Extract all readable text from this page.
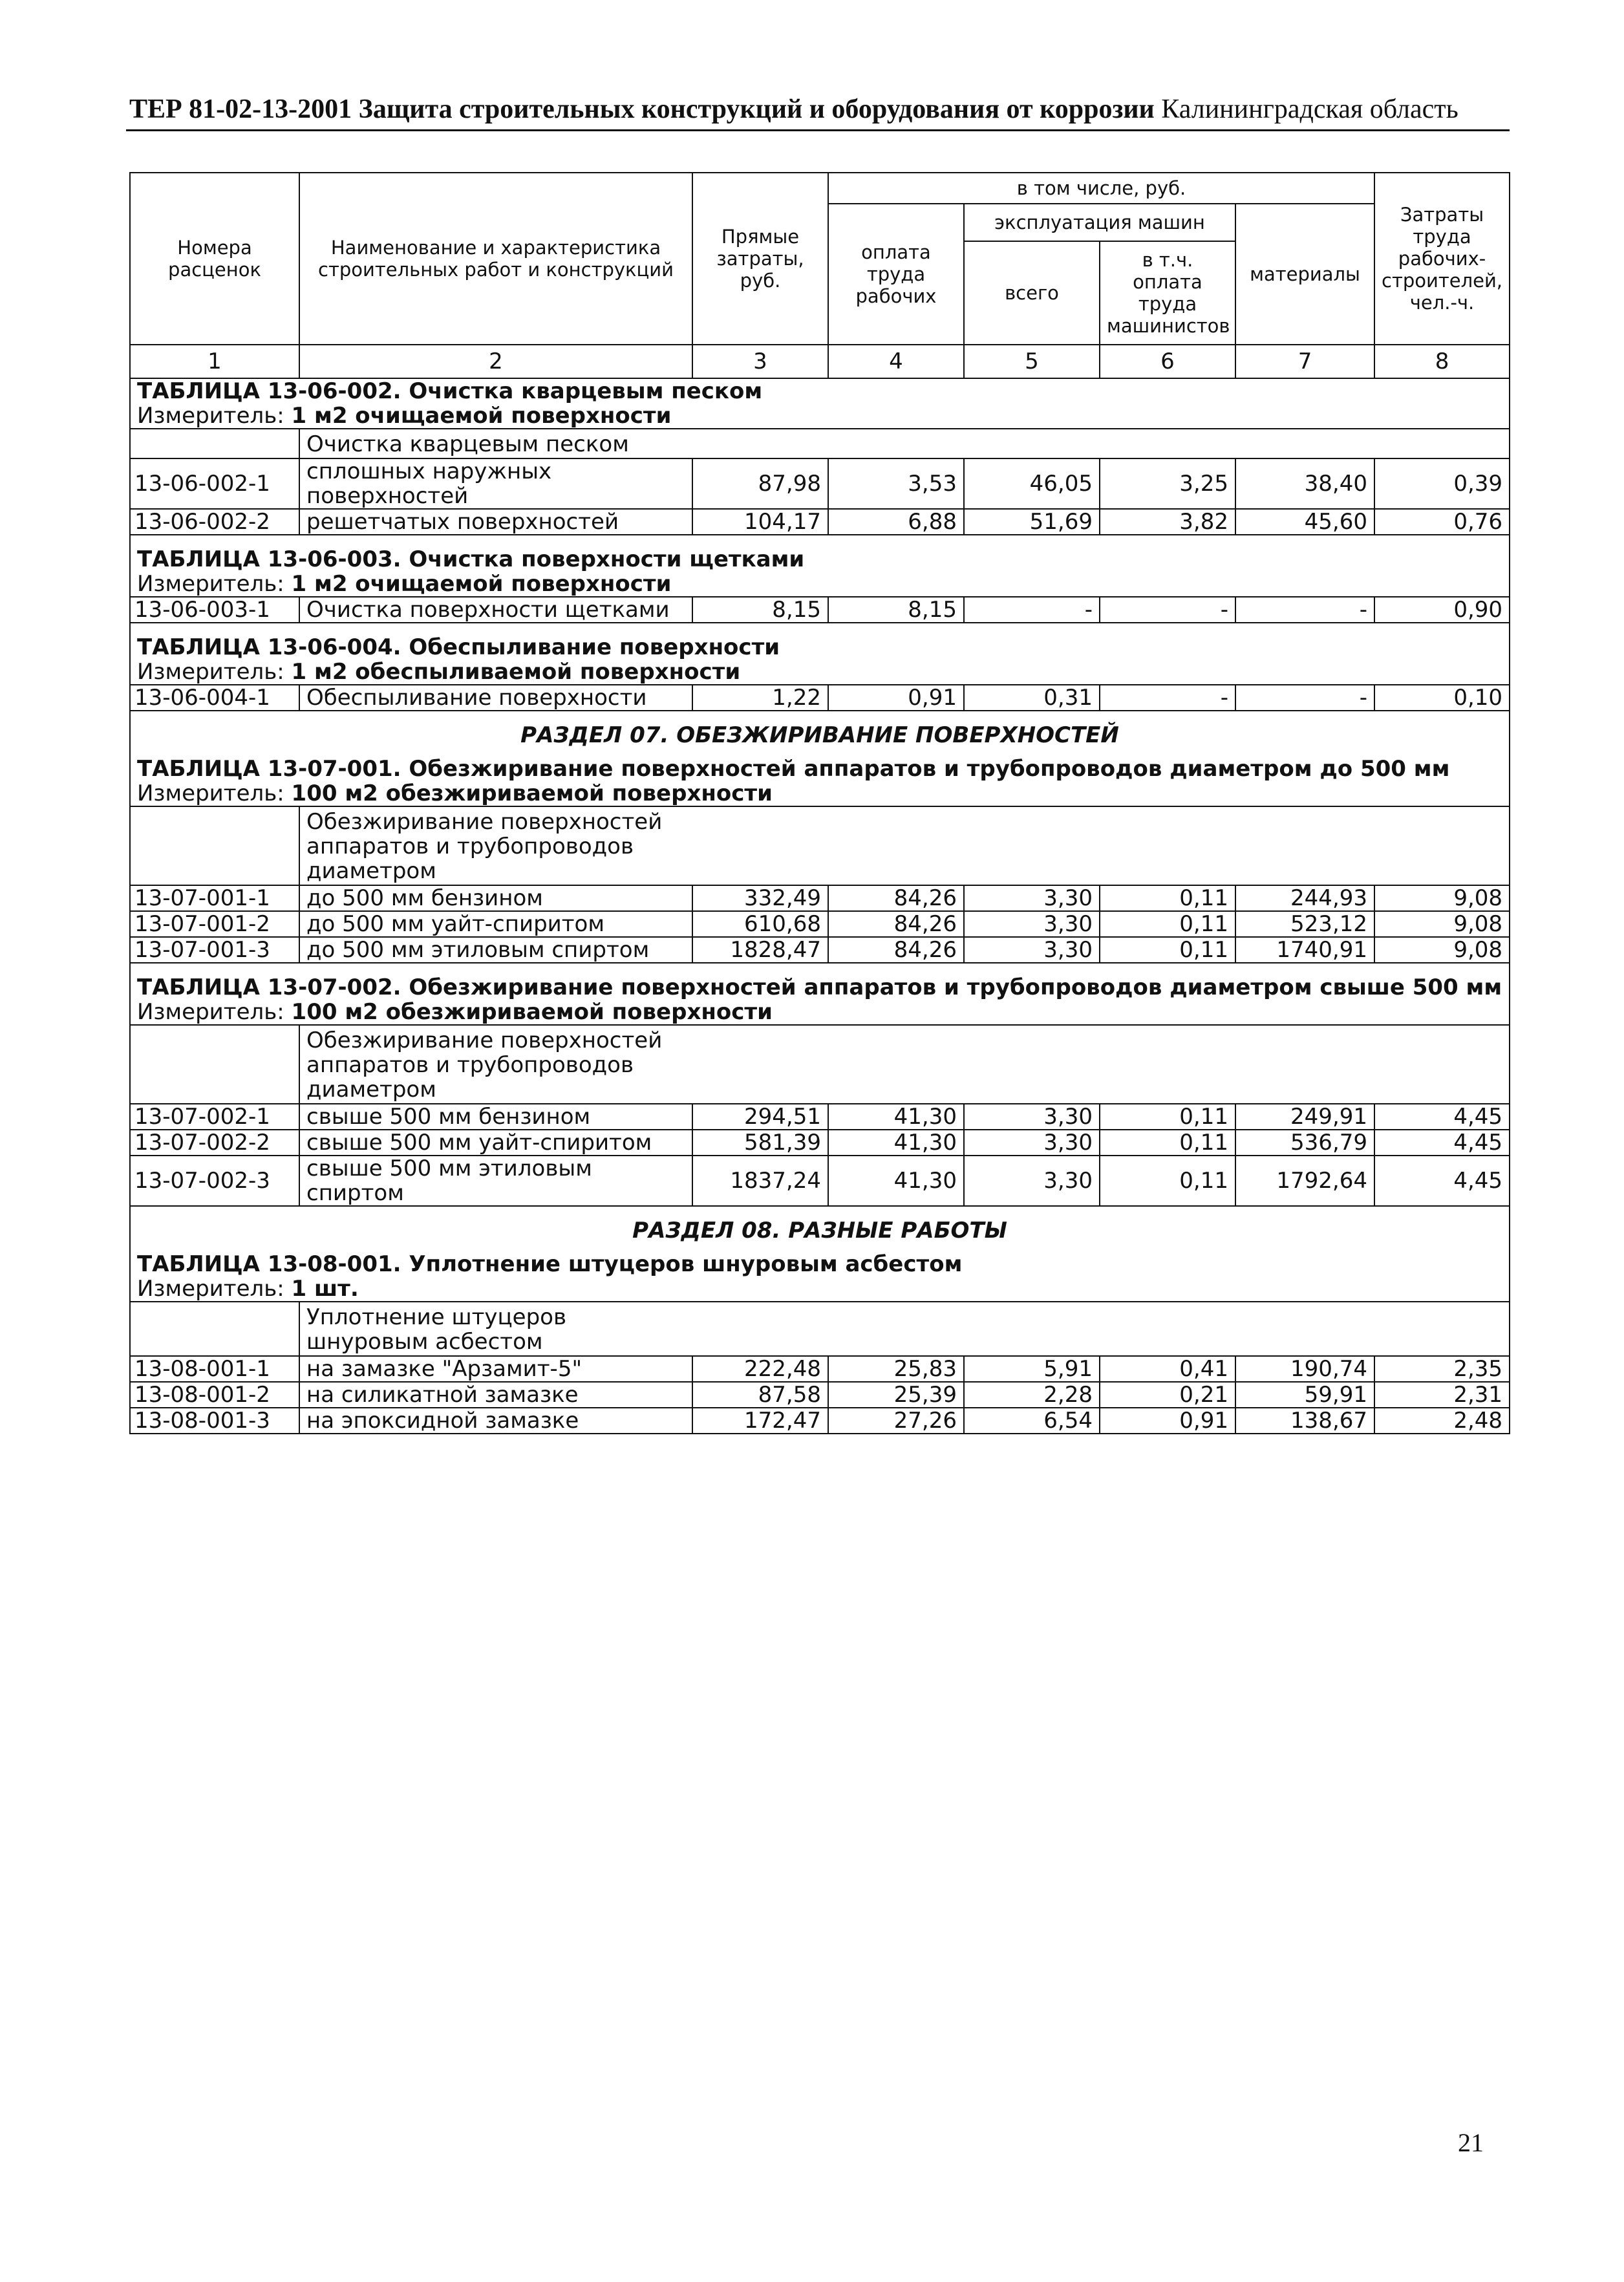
ТЕР 81-02-13-2001 Защита строительных конструкций и оборудования от коррозии Калининградская область
Номера расценок	Наименование и характеристика строительных работ и конструкций	Прямые затраты, руб.	в том числе, руб.				Затраты труда рабочих-строителей, чел.-ч.
			оплата труда рабочих	эксплуатация машин		материалы	
				всего	в т.ч. оплата труда машинистов		
1	2	3	4	5	6	7	8
ТАБЛИЦА 13-06-002. Очистка кварцевым песком							
Измеритель: 1 м2 очищаемой поверхности							

	Очистка кварцевым песком						

13-06-002-1	сплошных наружных поверхностей	87,98	3,53	46,05	3,25	38,40	0,39
13-06-002-2	решетчатых поверхностей	104,17	6,88	51,69	3,82	45,60	0,76

ТАБЛИЦА 13-06-003. Очистка поверхности щетками							
Измеритель: 1 м2 очищаемой поверхности							
13-06-003-1	Очистка поверхности щетками	8,15	8,15	-	-	-	0,90

ТАБЛИЦА 13-06-004. Обеспыливание поверхности							
Измеритель: 1 м2 обеспыливаемой поверхности							
13-06-004-1	Обеспыливание поверхности	1,22	0,91	0,31	-	-	0,10

РАЗДЕЛ 07. ОБЕЗЖИРИВАНИЕ ПОВЕРХНОСТЕЙ							
ТАБЛИЦА 13-07-001. Обезжиривание поверхностей аппаратов и трубопроводов диаметром до 500 мм							
Измеритель: 100 м2 обезжириваемой поверхности							

	Обезжиривание поверхностей аппаратов и трубопроводов диаметром						

13-07-001-1	до 500 мм бензином	332,49	84,26	3,30	0,11	244,93	9,08
13-07-001-2	до 500 мм уайт-спиритом	610,68	84,26	3,30	0,11	523,12	9,08
13-07-001-3	до 500 мм этиловым спиртом	1828,47	84,26	3,30	0,11	1740,91	9,08

ТАБЛИЦА 13-07-002. Обезжиривание поверхностей аппаратов и трубопроводов диаметром свыше 500 мм							
Измеритель: 100 м2 обезжириваемой поверхности							

	Обезжиривание поверхностей аппаратов и трубопроводов диаметром						

13-07-002-1	свыше 500 мм бензином	294,51	41,30	3,30	0,11	249,91	4,45
13-07-002-2	свыше 500 мм уайт-спиритом	581,39	41,30	3,30	0,11	536,79	4,45
13-07-002-3	свыше 500 мм этиловым спиртом	1837,24	41,30	3,30	0,11	1792,64	4,45

РАЗДЕЛ 08. РАЗНЫЕ РАБОТЫ							
ТАБЛИЦА 13-08-001. Уплотнение штуцеров шнуровым асбестом							
Измеритель: 1 шт.							

	Уплотнение штуцеров шнуровым асбестом						

13-08-001-1	на замазке "Арзамит-5"	222,48	25,83	5,91	0,41	190,74	2,35
13-08-001-2	на силикатной замазке	87,58	25,39	2,28	0,21	59,91	2,31
13-08-001-3	на эпоксидной замазке	172,47	27,26	6,54	0,91	138,67	2,48
21
